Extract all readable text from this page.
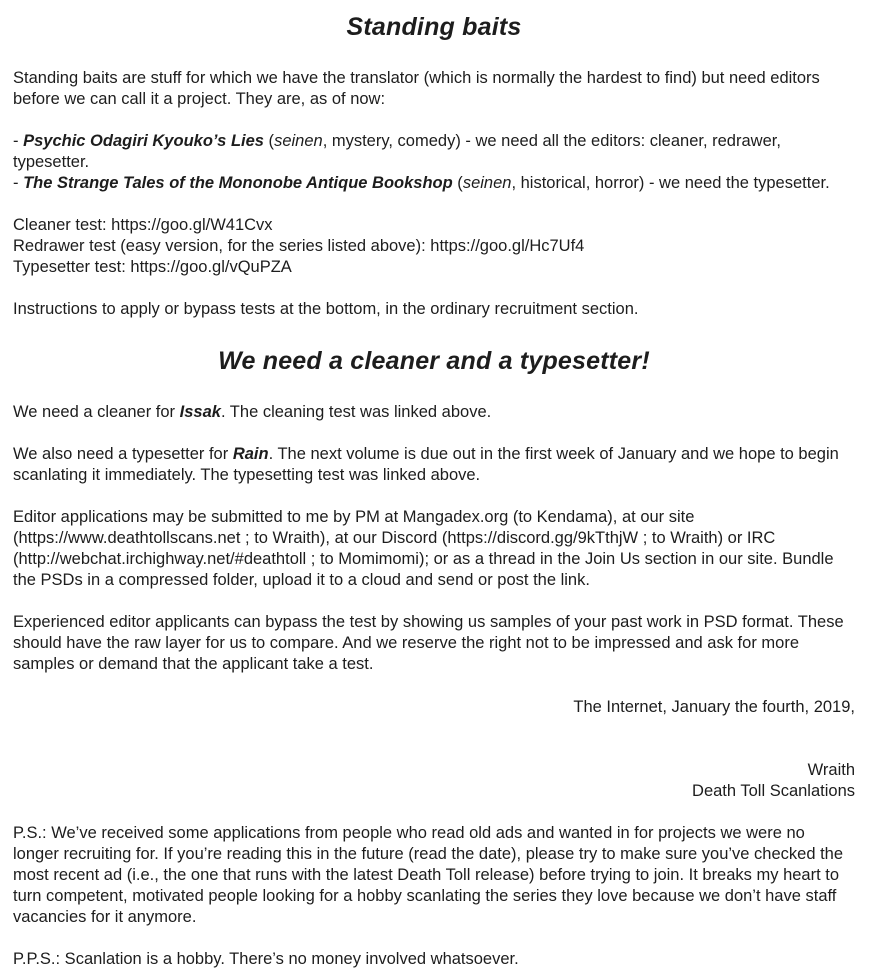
Standing baits

Standing baits are stuff for which we have the translator (which is normally the hardest to find) but need editors before we can call it a project. They are, as of now:

- Psychic Odagiri Kyouko’s Lies (seinen, mystery, comedy) - we need all the editors: cleaner, redrawer, typesetter.

- The Strange Tales of the Mononobe Antique Bookshop (seinen, historical, horror) - we need the typesetter.

Cleaner test: https://goo.gl/W41Cvx

Redrawer test (easy version, for the series listed above): https://goo.gl/Hc7Uf4

Typesetter test: https://goo.gl/vQuPZA

Instructions to apply or bypass tests at the bottom, in the ordinary recruitment section.

We need a cleaner and a typesetter!

We need a cleaner for Issak. The cleaning test was linked above.

We also need a typesetter for Rain. The next volume is due out in the first week of January and we hope to begin scanlating it immediately. The typesetting test was linked above.

Editor applications may be submitted to me by PM at Mangadex.org (to Kendama), at our site (https://www.deathtollscans.net ; to Wraith), at our Discord (https://discord.gg/9kTthjW ; to Wraith) or IRC (http://webchat.irchighway.net/#deathtoll ; to Momimomi); or as a thread in the Join Us section in our site. Bundle the PSDs in a compressed folder, upload it to a cloud and send or post the link.

Experienced editor applicants can bypass the test by showing us samples of your past work in PSD format. These should have the raw layer for us to compare. And we reserve the right not to be impressed and ask for more samples or demand that the applicant take a test.

The Internet, January the fourth, 2019,

Wraith
Death Toll Scanlations

P.S.: We’ve received some applications from people who read old ads and wanted in for projects we were no longer recruiting for. If you’re reading this in the future (read the date), please try to make sure you’ve checked the most recent ad (i.e., the one that runs with the latest Death Toll release) before trying to join. It breaks my heart to turn competent, motivated people looking for a hobby scanlating the series they love because we don’t have staff vacancies for it anymore.

P.P.S.: Scanlation is a hobby. There’s no money involved whatsoever.
